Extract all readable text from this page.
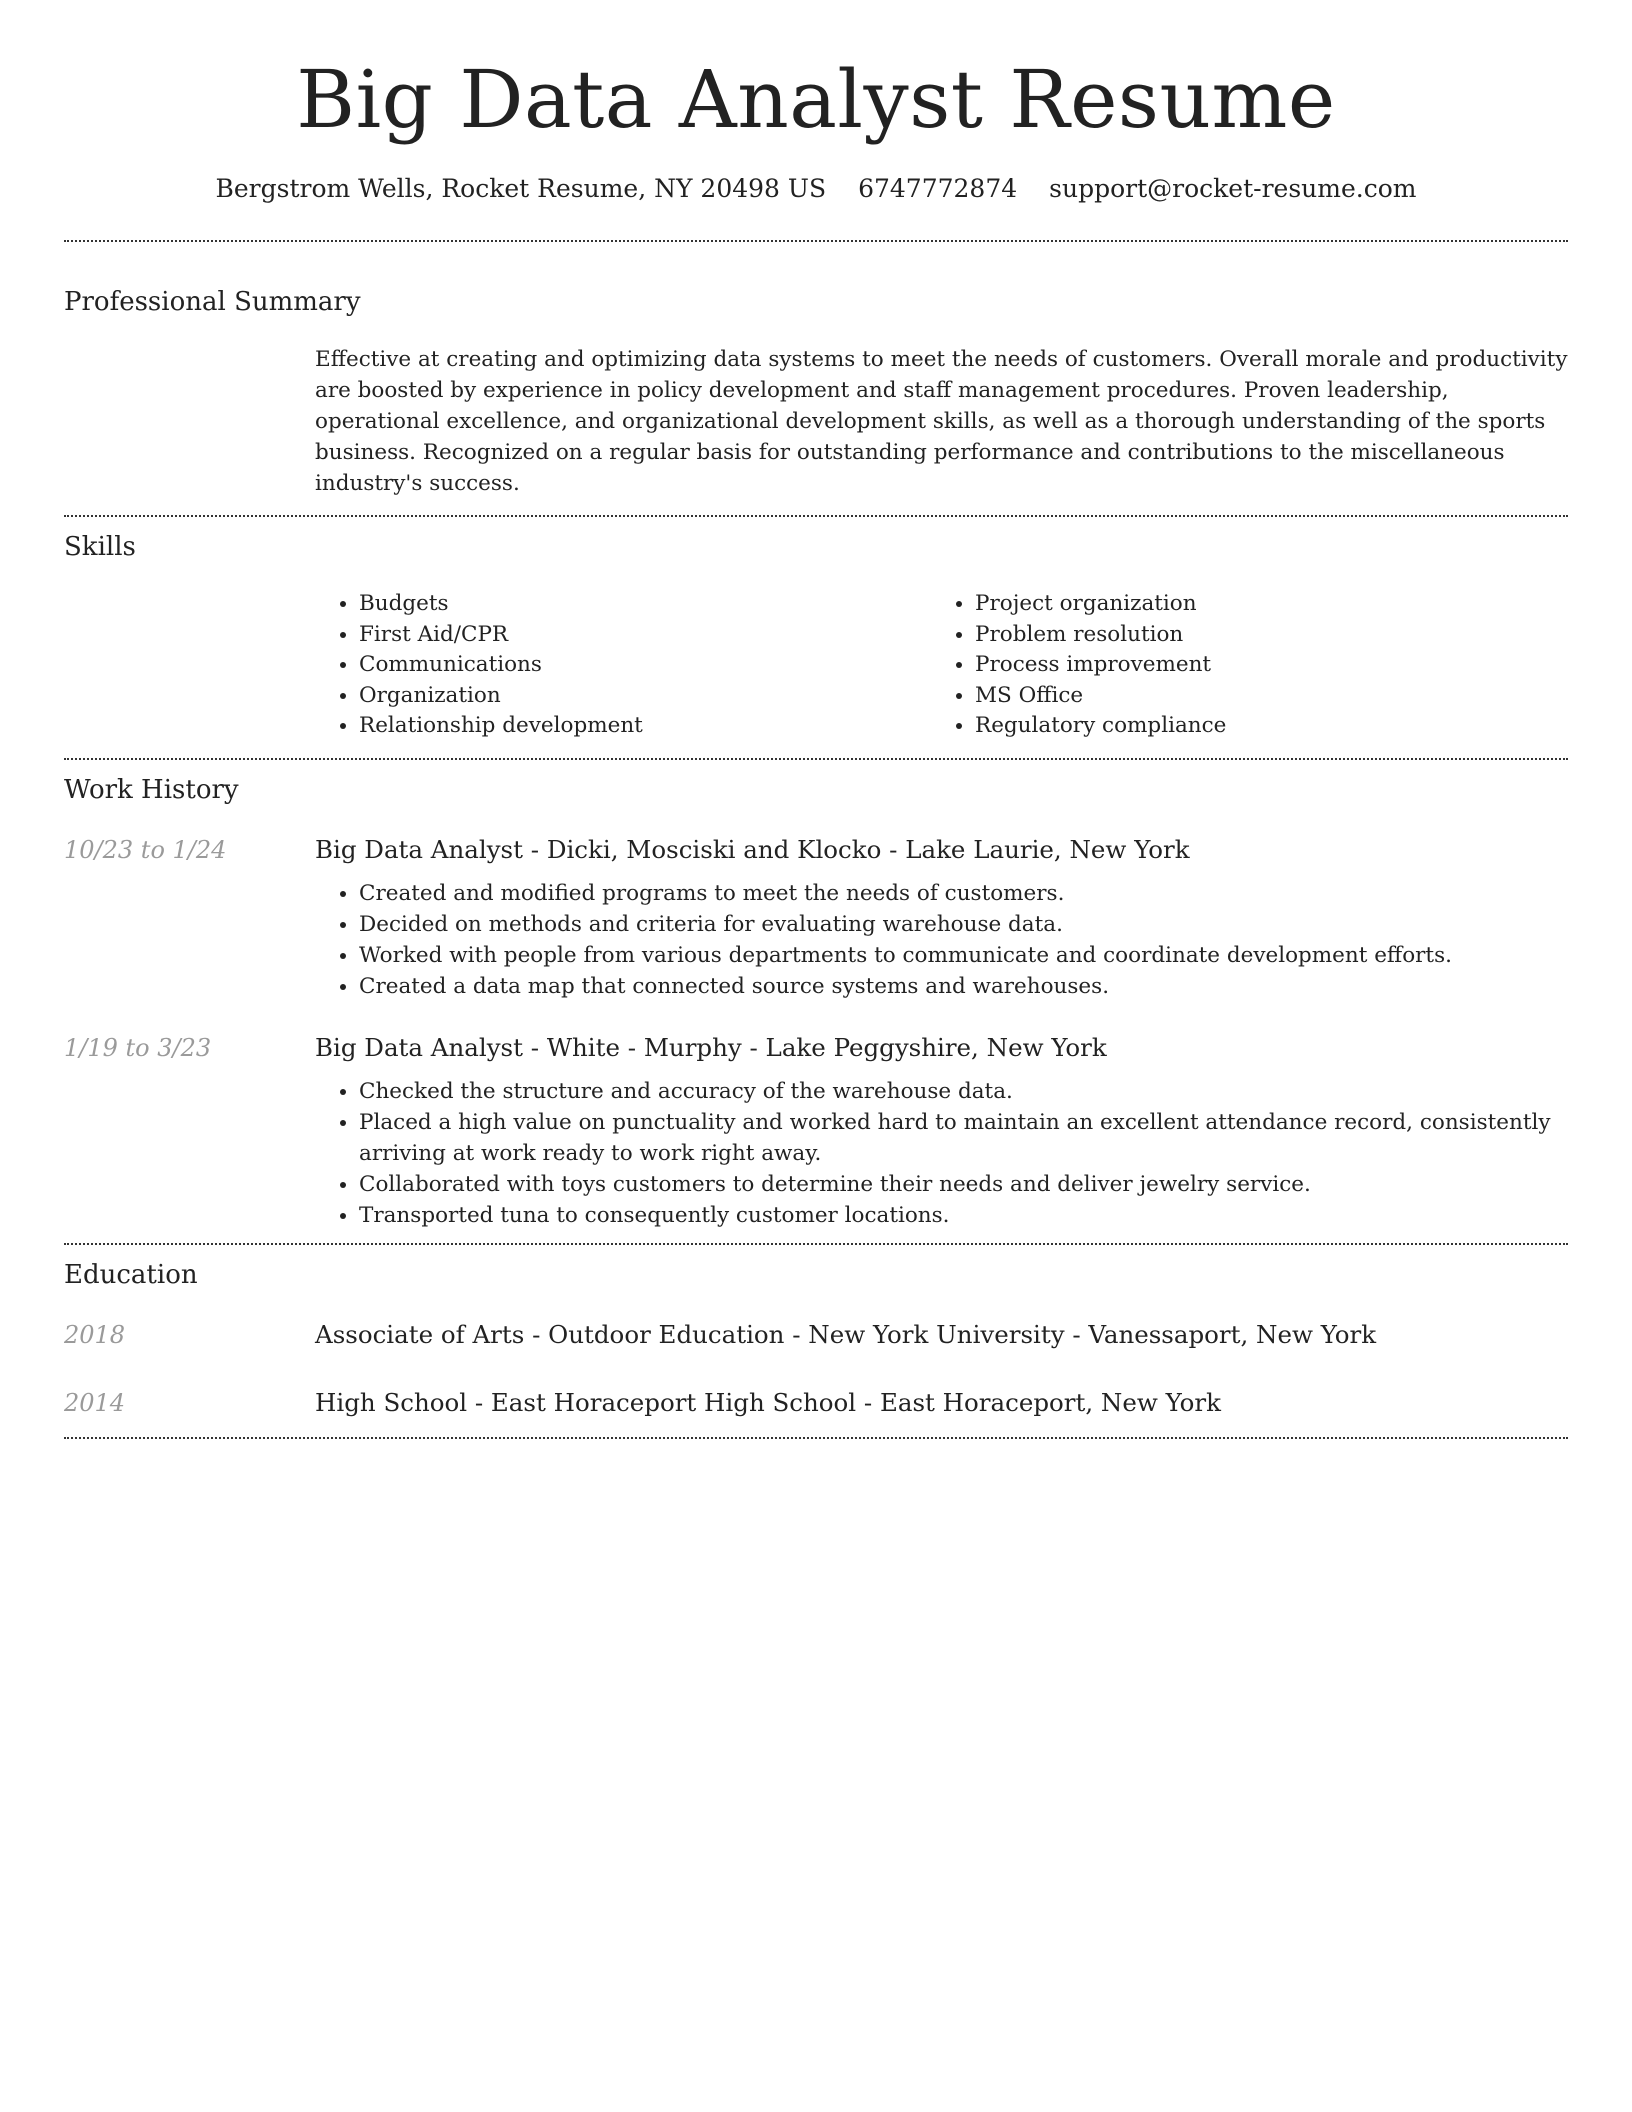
Big Data Analyst Resume
Bergstrom Wells, Rocket Resume, NY 20498 US 6747772874 support@rocket-resume.com
Professional Summary

Effective at creating and optimizing data systems to meet the needs of customers. Overall morale and productivity are boosted by experience in policy development and staff management procedures. Proven leadership, operational excellence, and organizational development skills, as well as a thorough understanding of the sports business. Recognized on a regular basis for outstanding performance and contributions to the miscellaneous industry's success.

Skills
• Budgets
• First Aid/CPR
• Communications
• Organization
• Relationship development
• Project organization
• Problem resolution
• Process improvement
• MS Office
• Regulatory compliance
Work History
10/23 to 1/24	Big Data Analyst - Dicki, Mosciski and Klocko - Lake Laurie, New York

• Created and modified programs to meet the needs of customers.
• Decided on methods and criteria for evaluating warehouse data.
• Worked with people from various departments to communicate and coordinate development efforts.
• Created a data map that connected source systems and warehouses.
1/19 to 3/23	Big Data Analyst - White - Murphy - Lake Peggyshire, New York

• Checked the structure and accuracy of the warehouse data.
• Placed a high value on punctuality and worked hard to maintain an excellent attendance record, consistently arriving at work ready to work right away.
• Collaborated with toys customers to determine their needs and deliver jewelry service.
• Transported tuna to consequently customer locations.
Education
2018	Associate of Arts - Outdoor Education - New York University - Vanessaport, New York

2014	High School - East Horaceport High School - East Horaceport, New York
